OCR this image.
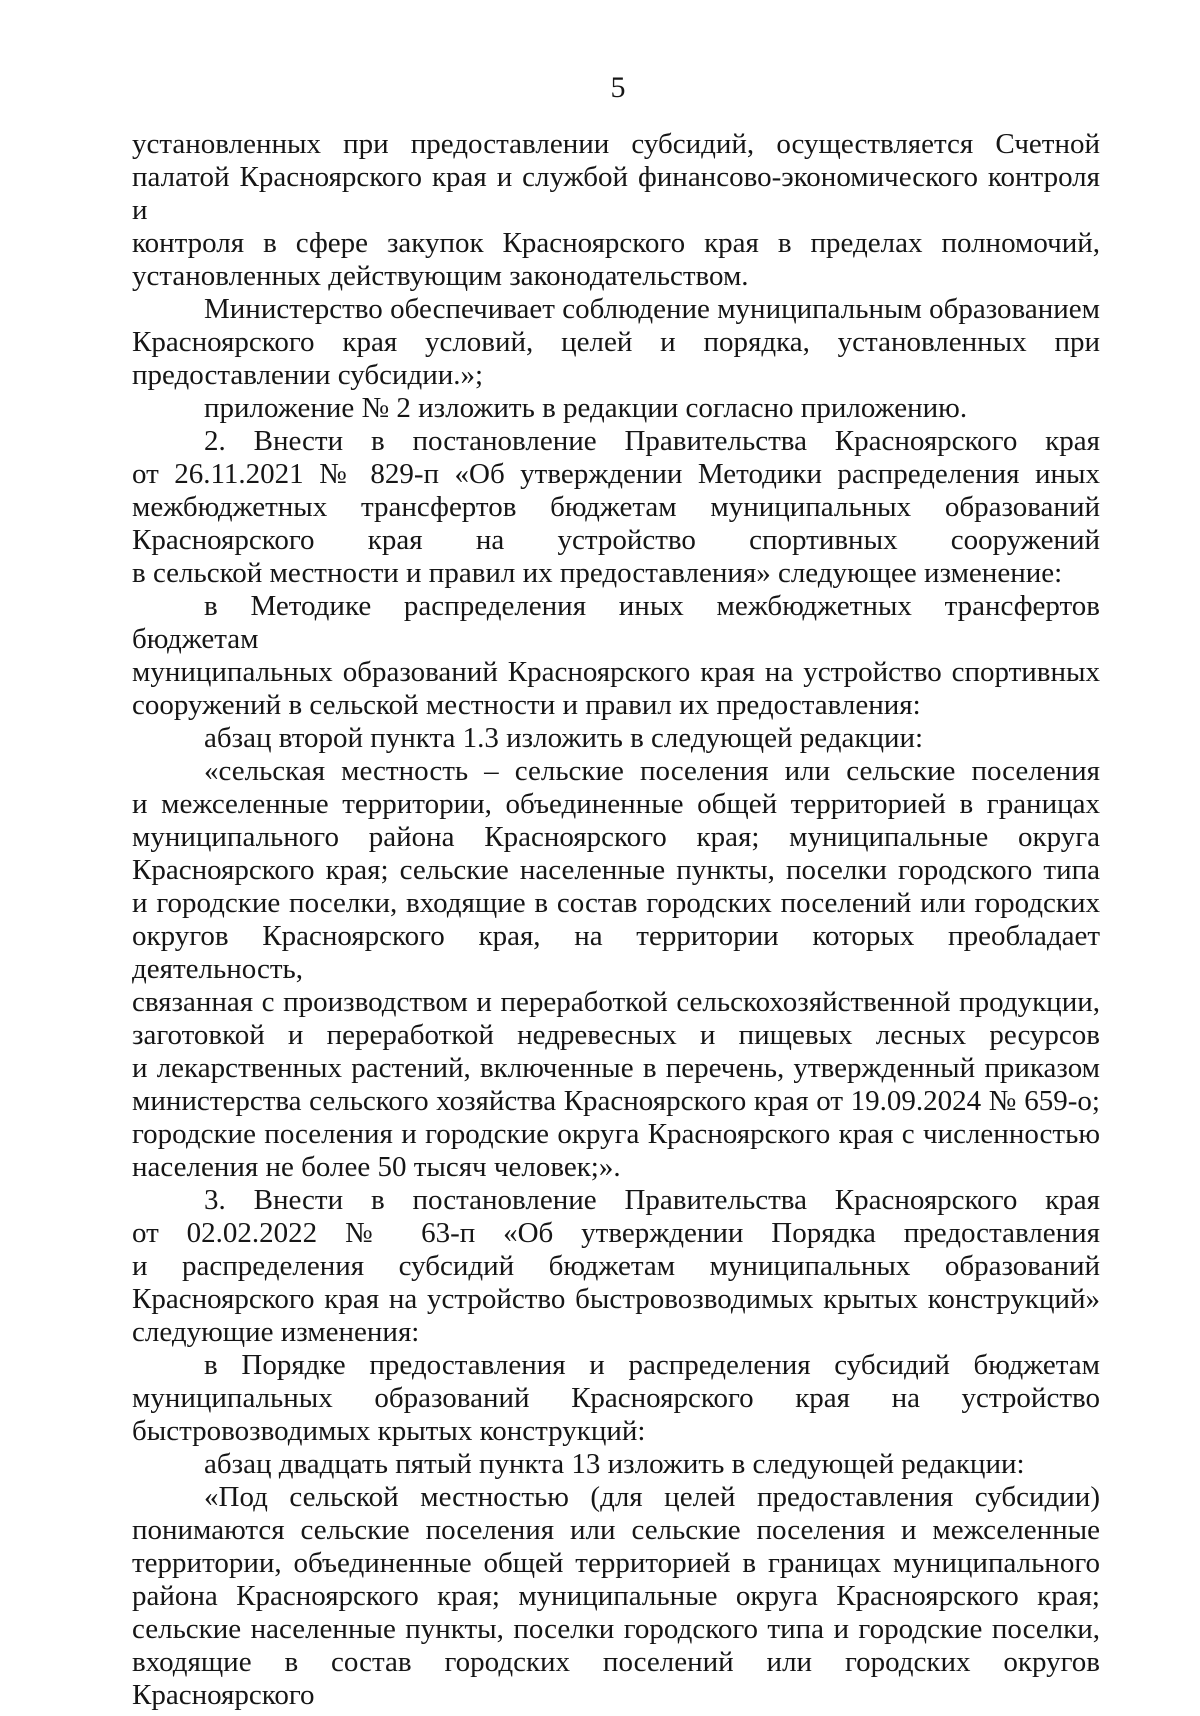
5
установленных при предоставлении субсидий, осуществляется Счетной
палатой Красноярского края и службой финансово-экономического контроля и
контроля в сфере закупок Красноярского края в пределах полномочий,
установленных действующим законодательством.
Министерство обеспечивает соблюдение муниципальным образованием
Красноярского края условий, целей и порядка, установленных при
предоставлении субсидии.»;
приложение № 2 изложить в редакции согласно приложению.
2. Внести в постановление Правительства Красноярского края
от 26.11.2021 № 829-п «Об утверждении Методики распределения иных
межбюджетных трансфертов бюджетам муниципальных образований
Красноярского края на устройство спортивных сооружений
в сельской местности и правил их предоставления» следующее изменение:
в Методике распределения иных межбюджетных трансфертов бюджетам
муниципальных образований Красноярского края на устройство спортивных
сооружений в сельской местности и правил их предоставления:
абзац второй пункта 1.3 изложить в следующей редакции:
«сельская местность – сельские поселения или сельские поселения
и межселенные территории, объединенные общей территорией в границах
муниципального района Красноярского края; муниципальные округа
Красноярского края; сельские населенные пункты, поселки городского типа
и городские поселки, входящие в состав городских поселений или городских
округов Красноярского края, на территории которых преобладает деятельность,
связанная с производством и переработкой сельскохозяйственной продукции,
заготовкой и переработкой недревесных и пищевых лесных ресурсов
и лекарственных растений, включенные в перечень, утвержденный приказом
министерства сельского хозяйства Красноярского края от 19.09.2024 № 659-о;
городские поселения и городские округа Красноярского края с численностью
населения не более 50 тысяч человек;».
3. Внести в постановление Правительства Красноярского края
от 02.02.2022 № 63-п «Об утверждении Порядка предоставления
и распределения субсидий бюджетам муниципальных образований
Красноярского края на устройство быстровозводимых крытых конструкций»
следующие изменения:
в Порядке предоставления и распределения субсидий бюджетам
муниципальных образований Красноярского края на устройство
быстровозводимых крытых конструкций:
абзац двадцать пятый пункта 13 изложить в следующей редакции:
«Под сельской местностью (для целей предоставления субсидии)
понимаются сельские поселения или сельские поселения и межселенные
территории, объединенные общей территорией в границах муниципального
района Красноярского края; муниципальные округа Красноярского края;
сельские населенные пункты, поселки городского типа и городские поселки,
входящие в состав городских поселений или городских округов Красноярского
